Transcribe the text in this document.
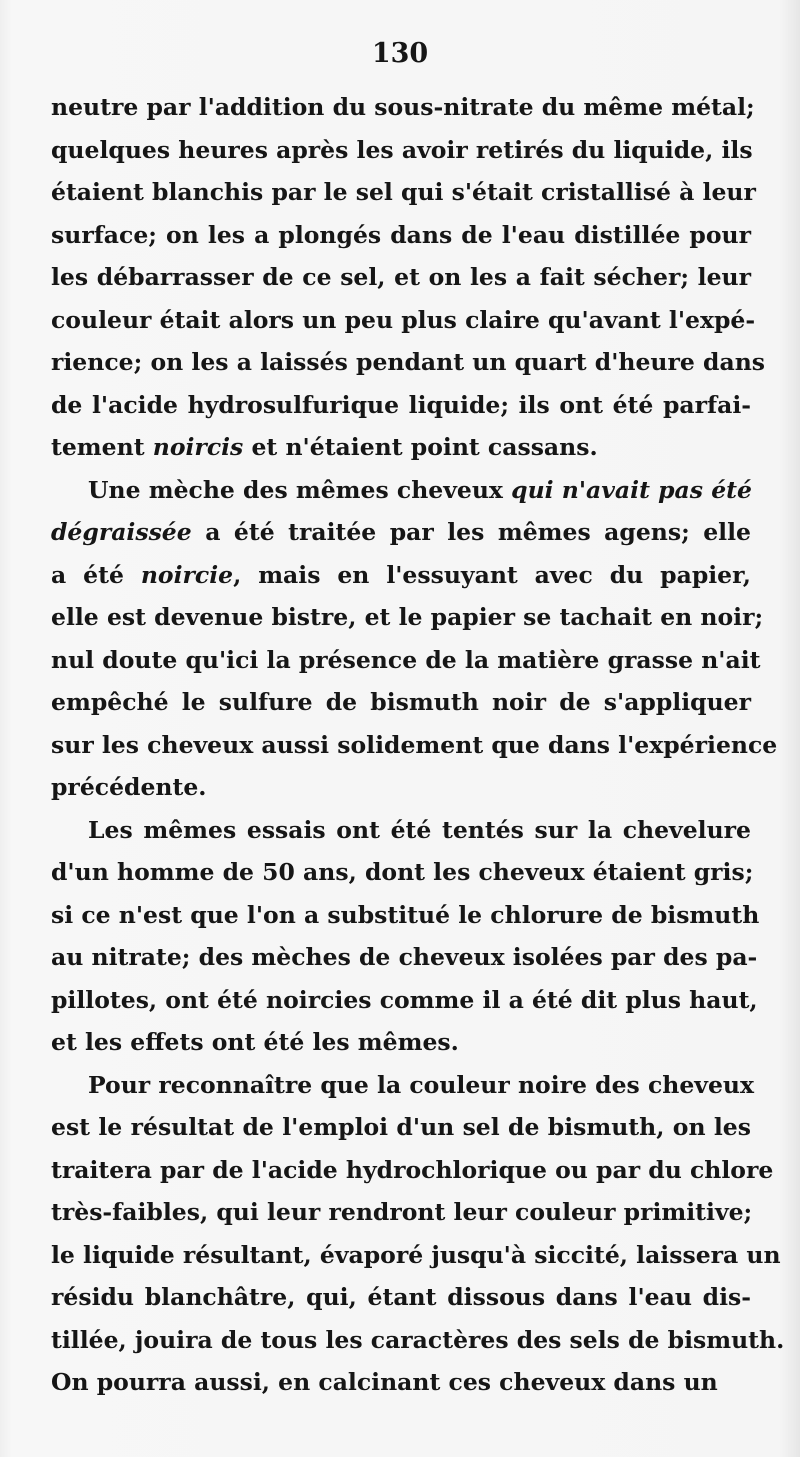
130
neutre par l'addition du sous-nitrate du même métal;
quelques heures après les avoir retirés du liquide, ils
étaient blanchis par le sel qui s'était cristallisé à leur
surface; on les a plongés dans de l'eau distillée pour
les débarrasser de ce sel, et on les a fait sécher; leur
couleur était alors un peu plus claire qu'avant l'expé-
rience; on les a laissés pendant un quart d'heure dans
de l'acide hydrosulfurique liquide; ils ont été parfai-
tement noircis et n'étaient point cassans.
Une mèche des mêmes cheveux qui n'avait pas été
dégraissée a été traitée par les mêmes agens; elle
a été noircie, mais en l'essuyant avec du papier,
elle est devenue bistre, et le papier se tachait en noir;
nul doute qu'ici la présence de la matière grasse n'ait
empêché le sulfure de bismuth noir de s'appliquer
sur les cheveux aussi solidement que dans l'expérience
précédente.
Les mêmes essais ont été tentés sur la chevelure
d'un homme de 50 ans, dont les cheveux étaient gris;
si ce n'est que l'on a substitué le chlorure de bismuth
au nitrate; des mèches de cheveux isolées par des pa-
pillotes, ont été noircies comme il a été dit plus haut,
et les effets ont été les mêmes.
Pour reconnaître que la couleur noire des cheveux
est le résultat de l'emploi d'un sel de bismuth, on les
traitera par de l'acide hydrochlorique ou par du chlore
très-faibles, qui leur rendront leur couleur primitive;
le liquide résultant, évaporé jusqu'à siccité, laissera un
résidu blanchâtre, qui, étant dissous dans l'eau dis-
tillée, jouira de tous les caractères des sels de bismuth.
On pourra aussi, en calcinant ces cheveux dans un
